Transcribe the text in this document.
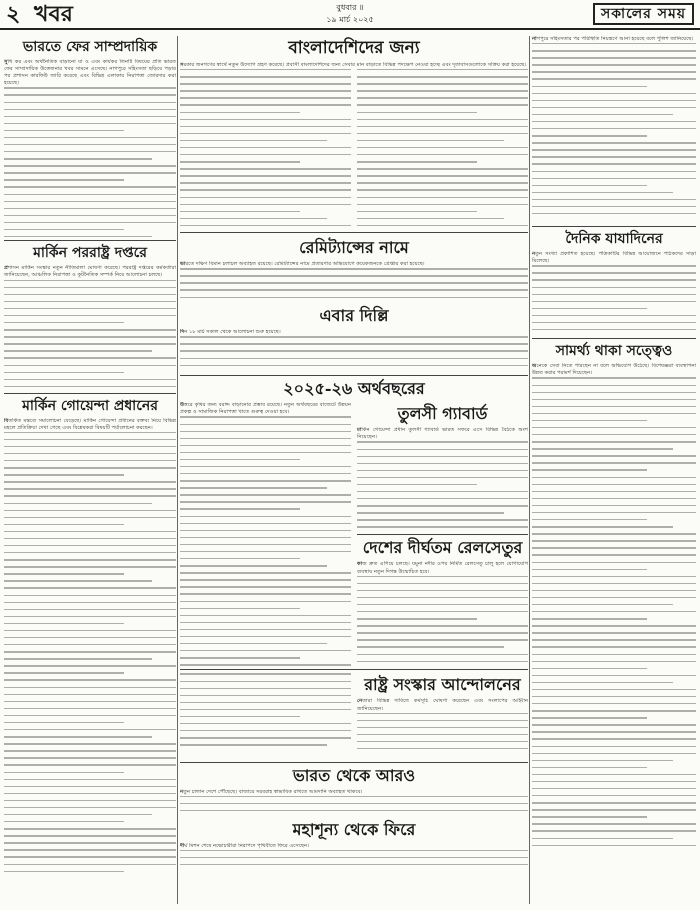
২ খবর	বুধবার ॥
১৯ মার্চ ২০২৫	সকালের সময়
ভারতে ফের সাম্প্রদায়িক

সুখি কর এবং অর্থনৈতিক বাড়ানো যা ও এবং কার্যকর তিনটি বিষয়ের প্রতি ভারত ফের সাম্প্রদায়িক উত্তেজনার খবর সামনে এসেছে। নাগপুরে সহিংসতা ছড়িয়ে পড়ার পর প্রশাসন কারফিউ জারি করেছে এবং বিভিন্ন এলাকায় নিরাপত্তা জোরদার করা হয়েছে।

মার্কিন পররাষ্ট্র দপ্তরে

প্রশাসন মার্কিন সংস্কার নতুন নীতিমালা ঘোষণা করেছে। পররাষ্ট্র দপ্তরের কর্মকর্তারা জানিয়েছেন, আঞ্চলিক নিরাপত্তা ও কূটনৈতিক সম্পর্ক নিয়ে আলোচনা চলছে।

মার্কিন গোয়েন্দা প্রধানের

বিতর্কিত মন্তব্যে সমালোচনা বেড়েছে। মার্কিন গোয়েন্দা প্রধানের বক্তব্য নিয়ে বিভিন্ন মহলে প্রতিক্রিয়া দেখা গেছে এবং বিশ্লেষকরা বিষয়টি পর্যালোচনা করছেন।

বাংলাদেশিদের জন্য

সরকার জনগণের স্বার্থে নতুন উদ্যোগ গ্রহণ করেছে। প্রবাসী বাংলাদেশিদের জন্য সেবার মান বাড়াতে বিভিন্ন পদক্ষেপ নেওয়া হচ্ছে এবং দূতাবাসগুলোকে সক্রিয় করা হয়েছে।

রেমিট্যান্সের নামে

ভারতে দক্ষিণ বিমান চলাচল অব্যাহত রয়েছে। রেমিট্যান্সের নামে প্রতারণার অভিযোগে কয়েকজনকে গ্রেপ্তার করা হয়েছে।

এবার দিল্লি

দিন ১৮ মার্চ সকাল থেকে আলোচনা শুরু হয়েছে।

২০২৫-২৬ অর্থবছরের

উত্তরে কৃষির জন্য বরাদ্দ বাড়ানোর প্রস্তাব রয়েছে। নতুন অর্থবছরের বাজেটে উন্নয়ন প্রকল্প ও সামাজিক নিরাপত্তা খাতে গুরুত্ব দেওয়া হবে।	তুলসী গ্যাবার্ড

মার্কিন গোয়েন্দা প্রধান তুলসী গ্যাবার্ড ভারত সফরে এসে বিভিন্ন বৈঠকে অংশ নিয়েছেন।

দেশের দীর্ঘতম রেলসেতুর

কাজ দ্রুত এগিয়ে চলছে। যমুনা নদীর ওপর নির্মিত রেলসেতু চালু হলে যোগাযোগ ব্যবস্থায় নতুন দিগন্ত উন্মোচিত হবে।

রাষ্ট্র সংস্কার আন্দোলনের

নেতারা বিভিন্ন দাবিতে কর্মসূচি ঘোষণা করেছেন এবং সংলাপের আহ্বান জানিয়েছেন।

ভারত থেকে আরও

নতুন চালান দেশে পৌঁছেছে। বাজারে সরবরাহ স্বাভাবিক রাখতে আমদানি অব্যাহত থাকবে।

মহাশূন্য থেকে ফিরে

দীর্ঘ মিশন শেষে নভোচারীরা নিরাপদে পৃথিবীতে ফিরে এসেছেন।

নাগপুরে সহিংসতার পর পরিস্থিতি নিয়ন্ত্রণে আনা হয়েছে বলে পুলিশ জানিয়েছে।

দৈনিক যাযাদিনের

নতুন সংখ্যা প্রকাশিত হয়েছে। পত্রিকাটির বিভিন্ন আয়োজনে পাঠকদের সাড়া মিলেছে।

সামর্থ্য থাকা সত্ত্বেও

অনেকে সেবা নিতে পারছেন না বলে অভিযোগ উঠেছে। বিশেষজ্ঞরা ব্যবস্থাপনা উন্নত করার পরামর্শ দিয়েছেন।
